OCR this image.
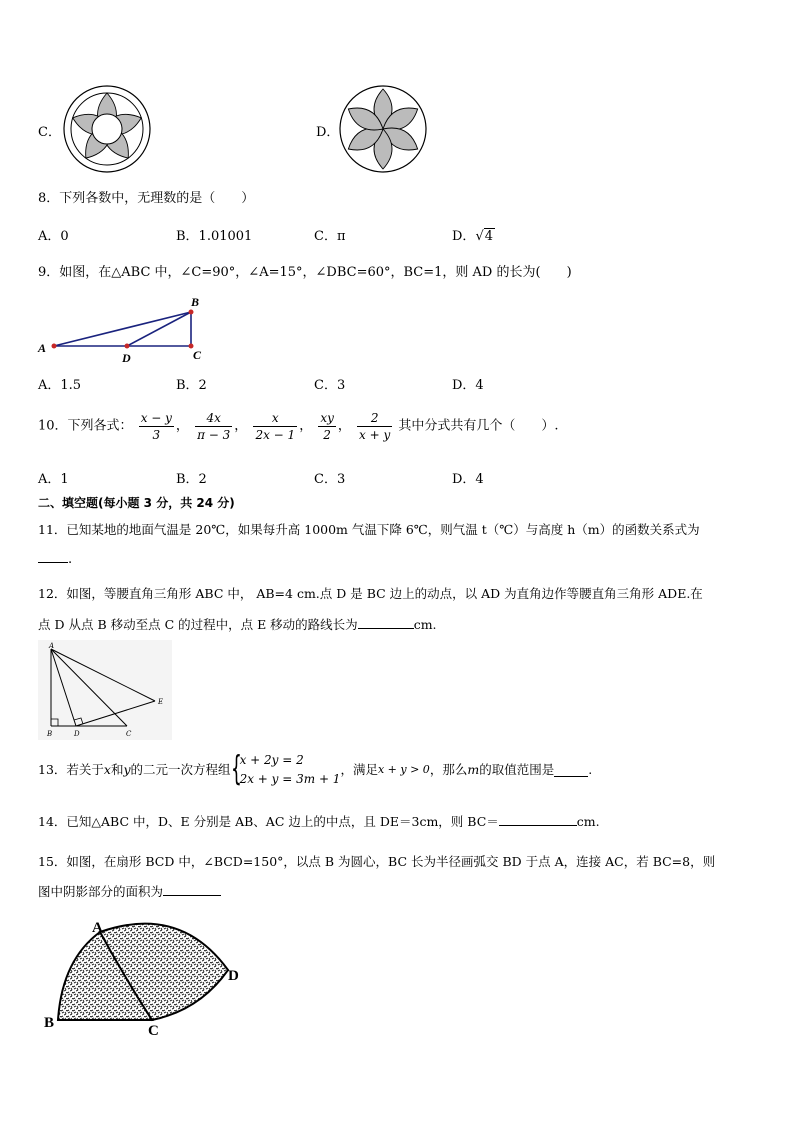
C．	D．
8．下列各数中，无理数的是（　　）
A．0	B．1.01001	C．π	D．√4
9．如图，在△ABC 中，∠C=90°，∠A=15°，∠DBC=60°，BC=1，则 AD 的长为(　　)
A
B
C
D
A．1.5	B．2	C．3	D．4
10．下列各式： $\frac{x - y}{3}$ ， $\frac{4x}{\pi - 3}$ ， $\frac{x}{2x - 1}$ ， $\frac{xy}{2}$ ， $\frac{2}{x + y}$ 其中分式共有几个（　　）.
A．1	B．2	C．3	D．4
二、填空题(每小题 3 分，共 24 分)
11．已知某地的地面气温是 20℃，如果每升高 1000m 气温下降 6℃，则气温 t（℃）与高度 h（m）的函数关系式为
.
12．如图，等腰直角三角形 ABC 中， AB=4 cm.点 D 是 BC 边上的动点，以 AD 为直角边作等腰直角三角形 ADE.在
点 D 从点 B 移动至点 C 的过程中，点 E 移动的路线长为	cm.
A
B	D	C
E
13．若关于x和y的二元一次方程组 {
x + 2y = 2
2x + y = 3m + 1
，满足x + y > 0，那么m的取值范围是	.
14．已知△ABC 中，D、E 分别是 AB、AC 边上的中点，且 DE＝3cm，则 BC＝	cm.
15．如图，在扇形 BCD 中，∠BCD=150°，以点 B 为圆心，BC 长为半径画弧交 BD 于点 A，连接 AC，若 BC=8，则
图中阴影部分的面积为
A
B	C
D
